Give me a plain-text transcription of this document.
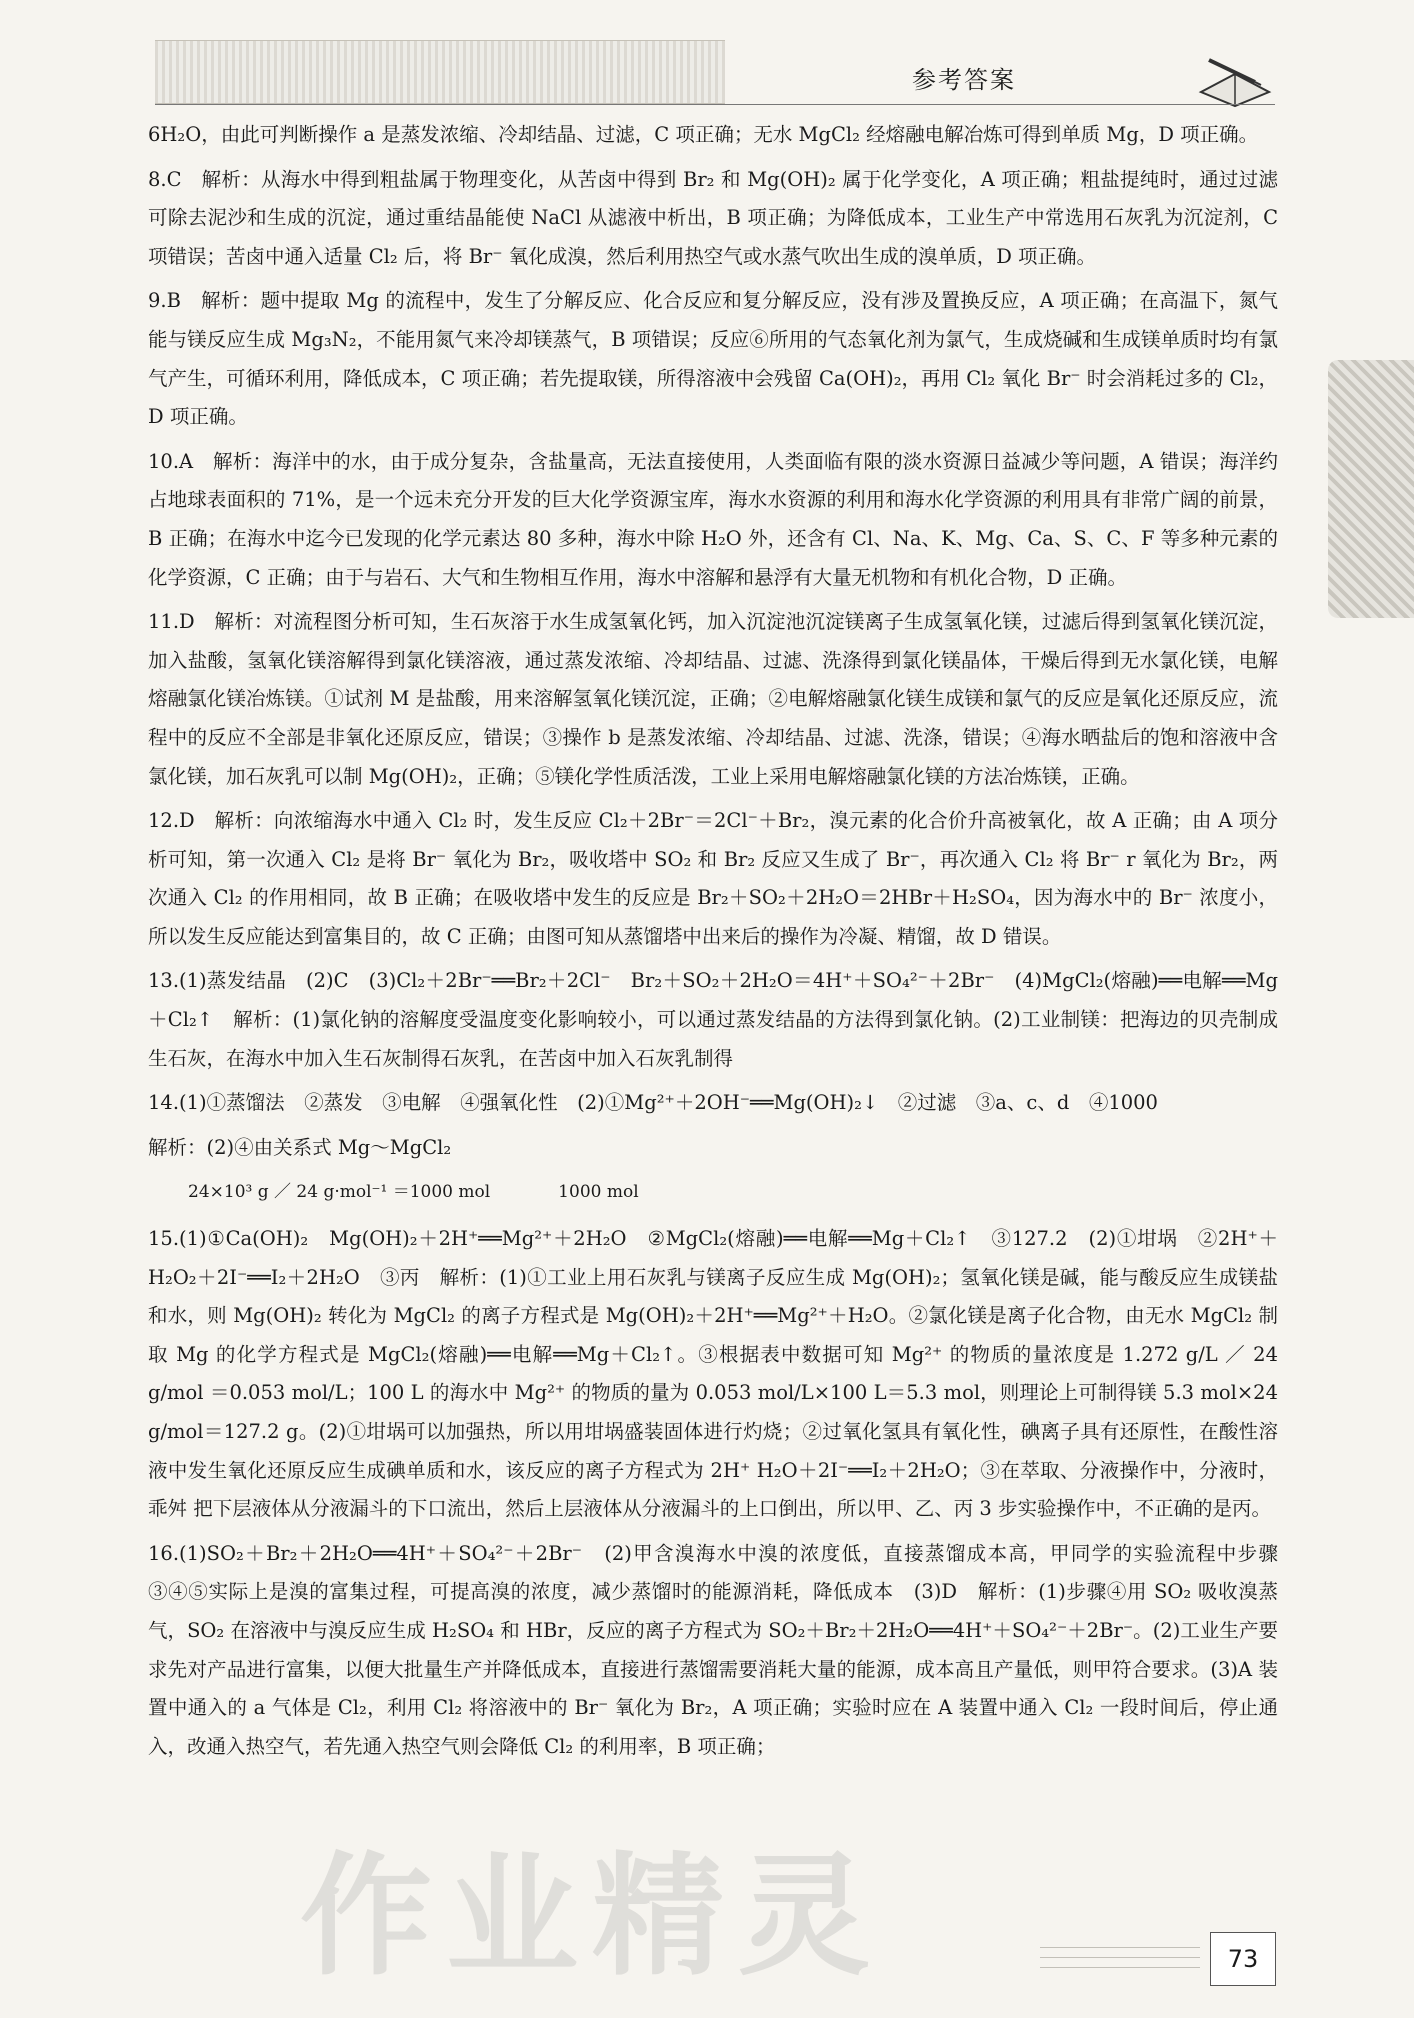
参考答案

6H₂O，由此可判断操作 a 是蒸发浓缩、冷却结晶、过滤，C 项正确；无水 MgCl₂ 经熔融电解冶炼可得到单质 Mg，D 项正确。

8.C　解析：从海水中得到粗盐属于物理变化，从苦卤中得到 Br₂ 和 Mg(OH)₂ 属于化学变化，A 项正确；粗盐提纯时，通过过滤可除去泥沙和生成的沉淀，通过重结晶能使 NaCl 从滤液中析出，B 项正确；为降低成本，工业生产中常选用石灰乳为沉淀剂，C 项错误；苦卤中通入适量 Cl₂ 后，将 Br⁻ 氧化成溴，然后利用热空气或水蒸气吹出生成的溴单质，D 项正确。

9.B　解析：题中提取 Mg 的流程中，发生了分解反应、化合反应和复分解反应，没有涉及置换反应，A 项正确；在高温下，氮气能与镁反应生成 Mg₃N₂，不能用氮气来冷却镁蒸气，B 项错误；反应⑥所用的气态氧化剂为氯气，生成烧碱和生成镁单质时均有氯气产生，可循环利用，降低成本，C 项正确；若先提取镁，所得溶液中会残留 Ca(OH)₂，再用 Cl₂ 氧化 Br⁻ 时会消耗过多的 Cl₂，D 项正确。

10.A　解析：海洋中的水，由于成分复杂，含盐量高，无法直接使用，人类面临有限的淡水资源日益减少等问题，A 错误；海洋约占地球表面积的 71%，是一个远未充分开发的巨大化学资源宝库，海水水资源的利用和海水化学资源的利用具有非常广阔的前景，B 正确；在海水中迄今已发现的化学元素达 80 多种，海水中除 H₂O 外，还含有 Cl、Na、K、Mg、Ca、S、C、F 等多种元素的化学资源，C 正确；由于与岩石、大气和生物相互作用，海水中溶解和悬浮有大量无机物和有机化合物，D 正确。

11.D　解析：对流程图分析可知，生石灰溶于水生成氢氧化钙，加入沉淀池沉淀镁离子生成氢氧化镁，过滤后得到氢氧化镁沉淀，加入盐酸，氢氧化镁溶解得到氯化镁溶液，通过蒸发浓缩、冷却结晶、过滤、洗涤得到氯化镁晶体，干燥后得到无水氯化镁，电解熔融氯化镁冶炼镁。①试剂 M 是盐酸，用来溶解氢氧化镁沉淀，正确；②电解熔融氯化镁生成镁和氯气的反应是氧化还原反应，流程中的反应不全部是非氧化还原反应，错误；③操作 b 是蒸发浓缩、冷却结晶、过滤、洗涤，错误；④海水晒盐后的饱和溶液中含氯化镁，加石灰乳可以制 Mg(OH)₂，正确；⑤镁化学性质活泼，工业上采用电解熔融氯化镁的方法冶炼镁，正确。

12.D　解析：向浓缩海水中通入 Cl₂ 时，发生反应 Cl₂＋2Br⁻＝2Cl⁻＋Br₂，溴元素的化合价升高被氧化，故 A 正确；由 A 项分析可知，第一次通入 Cl₂ 是将 Br⁻ 氧化为 Br₂，吸收塔中 SO₂ 和 Br₂ 反应又生成了 Br⁻，再次通入 Cl₂ 将 Br⁻ r 氧化为 Br₂，两次通入 Cl₂ 的作用相同，故 B 正确；在吸收塔中发生的反应是 Br₂＋SO₂＋2H₂O＝2HBr＋H₂SO₄，因为海水中的 Br⁻ 浓度小，所以发生反应能达到富集目的，故 C 正确；由图可知从蒸馏塔中出来后的操作为冷凝、精馏，故 D 错误。

13.(1)蒸发结晶　(2)C　(3)Cl₂＋2Br⁻══Br₂＋2Cl⁻　Br₂＋SO₂＋2H₂O＝4H⁺＋SO₄²⁻＋2Br⁻　(4)MgCl₂(熔融)══电解══Mg＋Cl₂↑　解析：(1)氯化钠的溶解度受温度变化影响较小，可以通过蒸发结晶的方法得到氯化钠。(2)工业制镁：把海边的贝壳制成生石灰，在海水中加入生石灰制得石灰乳，在苦卤中加入石灰乳制得

14.(1)①蒸馏法　②蒸发　③电解　④强氧化性　(2)①Mg²⁺＋2OH⁻══Mg(OH)₂↓　②过滤　③a、c、d　④1000

解析：(2)④由关系式 Mg～MgCl₂

24×10³ g ／ 24 g·mol⁻¹ ＝1000 mol　　　　1000 mol

15.(1)①Ca(OH)₂　Mg(OH)₂＋2H⁺══Mg²⁺＋2H₂O　②MgCl₂(熔融)══电解══Mg＋Cl₂↑　③127.2　(2)①坩埚　②2H⁺＋H₂O₂＋2I⁻══I₂＋2H₂O　③丙　解析：(1)①工业上用石灰乳与镁离子反应生成 Mg(OH)₂；氢氧化镁是碱，能与酸反应生成镁盐和水，则 Mg(OH)₂ 转化为 MgCl₂ 的离子方程式是 Mg(OH)₂＋2H⁺══Mg²⁺＋H₂O。②氯化镁是离子化合物，由无水 MgCl₂ 制取 Mg 的化学方程式是 MgCl₂(熔融)══电解══Mg＋Cl₂↑。③根据表中数据可知 Mg²⁺ 的物质的量浓度是 1.272 g/L ／ 24 g/mol ＝0.053 mol/L；100 L 的海水中 Mg²⁺ 的物质的量为 0.053 mol/L×100 L＝5.3 mol，则理论上可制得镁 5.3 mol×24 g/mol＝127.2 g。(2)①坩埚可以加强热，所以用坩埚盛装固体进行灼烧；②过氧化氢具有氧化性，碘离子具有还原性，在酸性溶液中发生氧化还原反应生成碘单质和水，该反应的离子方程式为 2H⁺ H₂O＋2I⁻══I₂＋2H₂O；③在萃取、分液操作中，分液时，乖舛 把下层液体从分液漏斗的下口流出，然后上层液体从分液漏斗的上口倒出，所以甲、乙、丙 3 步实验操作中，不正确的是丙。

16.(1)SO₂＋Br₂＋2H₂O══4H⁺＋SO₄²⁻＋2Br⁻　(2)甲含溴海水中溴的浓度低，直接蒸馏成本高，甲同学的实验流程中步骤③④⑤实际上是溴的富集过程，可提高溴的浓度，减少蒸馏时的能源消耗，降低成本　(3)D　解析：(1)步骤④用 SO₂ 吸收溴蒸气，SO₂ 在溶液中与溴反应生成 H₂SO₄ 和 HBr，反应的离子方程式为 SO₂＋Br₂＋2H₂O══4H⁺＋SO₄²⁻＋2Br⁻。(2)工业生产要求先对产品进行富集，以便大批量生产并降低成本，直接进行蒸馏需要消耗大量的能源，成本高且产量低，则甲符合要求。(3)A 装置中通入的 a 气体是 Cl₂，利用 Cl₂ 将溶液中的 Br⁻ 氧化为 Br₂，A 项正确；实验时应在 A 装置中通入 Cl₂ 一段时间后，停止通入，改通入热空气，若先通入热空气则会降低 Cl₂ 的利用率，B 项正确；

作业精灵	73
